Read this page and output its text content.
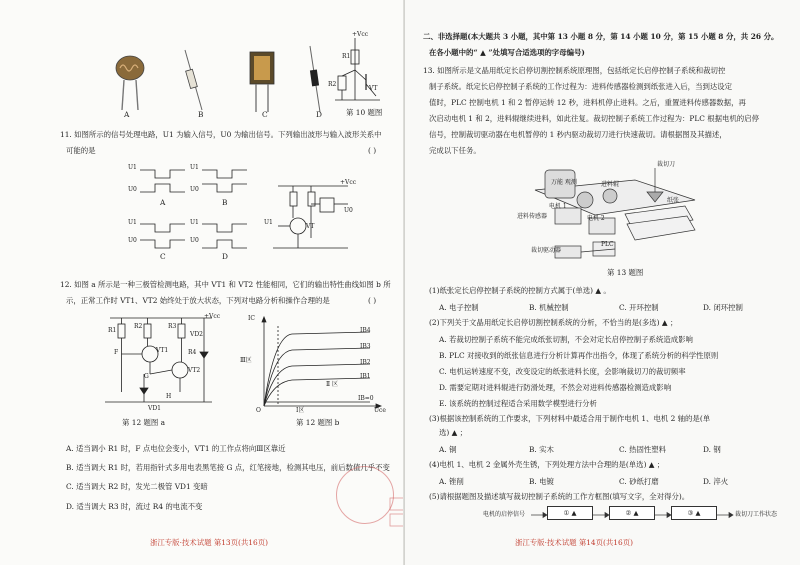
A	B	C	D
+Vcc
R1
R2
VT
第 10 题图
11. 如图所示的信号处理电路，U1 为输入信号，U0 为输出信号。下列输出波形与输入波形关系中
可能的是	( )
U1
U0
U1
U0
U1
U0
U1
U0
A	B
C	D
+Vcc
U0
U1
VT
12. 如图 a 所示是一种三极管检测电路，其中 VT1 和 VT2 性能相同，它们的输出特性曲线如图 b 所
示，正常工作时 VT1、VT2 始终处于放大状态，下列对电路分析和操作合理的是	( )
+Vcc
R1
R2	R3
R4
VT1
VT2
F
G
H
VD1
VD2
第 12 题图 a
Ⅲ区
Ⅱ 区
Ⅰ区
IC
Uce
O
IB=0
IB4
IB3
IB2
IB1
第 12 题图 b
A. 适当调小 R1 时，F 点电位会变小，VT1 的工作点将向Ⅲ区靠近
B. 适当调大 R1 时，若用指针式多用电表黑笔接 G 点，红笔接地，检测其电压，前后数值几乎不变
C. 适当调大 R2 时，发光二极管 VD1 变暗
D. 适当调大 R3 时，流过 R4 的电流不变
浙江专版·技术试题 第13页(共16页)
二、非选择题(本大题共 3 小题，其中第 13 小题 8 分，第 14 小题 10 分，第 15 小题 8 分，共 26 分。
在各小题中的“ ▲ ”处填写合适选项的字母编号)
13. 如图所示是文晶用纸定长启停切割控制系统原理图，包括纸定长启停控制子系统和裁切控
制子系统。纸定长启停控制子系统的工作过程为：进料传感器检测到纸张进入后，当到达设定
值时，PLC 控制电机 1 和 2 暂停运转 12 秒，进料机停止进料。之后，重置进料传感器数据，再
次启动电机 1 和 2，进料辊继续进料，如此往复。裁切控制子系统工作过程为：PLC 根据电机的启停
信号，控制裁切驱动器在电机暂停的 1 秒内驱动裁切刀进行快速裁切。请根据图及其描述，
完成以下任务。
裁切刀
进料辊
万能 观测
电机 1
电机 2
进料传感器
纸张
裁切驱动器
PLC
第 13 题图
(1)纸张定长启停控制子系统的控制方式属于(单选) ▲ 。
A. 电子控制	B. 机械控制	C. 开环控制	D. 闭环控制
(2)下列关于文晶用纸定长启停切割控制系统的分析，不恰当的是(多选) ▲ ；
A. 若裁切控制子系统不能完成纸张切割，不会对定长启停控制子系统造成影响
B. PLC 对接收到的纸张信息进行分析计算再作出指令，体现了系统分析的科学性原则
C. 电机运转速度不变，改变设定的纸张进料长度，会影响裁切刀的裁切频率
D. 需要定期对进料辊进行防滑处理，不然会对进料传感器检测造成影响
E. 该系统的控制过程适合采用数学模型进行分析
(3)根据该控制系统的工作要求，下列材料中最适合用于制作电机 1、电机 2 轴的是(单
选) ▲ ；
A. 铜	B. 实木	C. 热固性塑料	D. 钢
(4)电机 1、电机 2 金属外壳生锈，下列处理方法中合理的是(单选) ▲ ；
A. 锉削	B. 电镀	C. 砂纸打磨	D. 淬火
(5)请根据题图及描述填写裁切控制子系统的工作方框图(填写文字，全对得分)。
电机的启停信号	① ▲	② ▲	③ ▲	裁切刀工作状态
浙江专版·技术试题 第14页(共16页)
